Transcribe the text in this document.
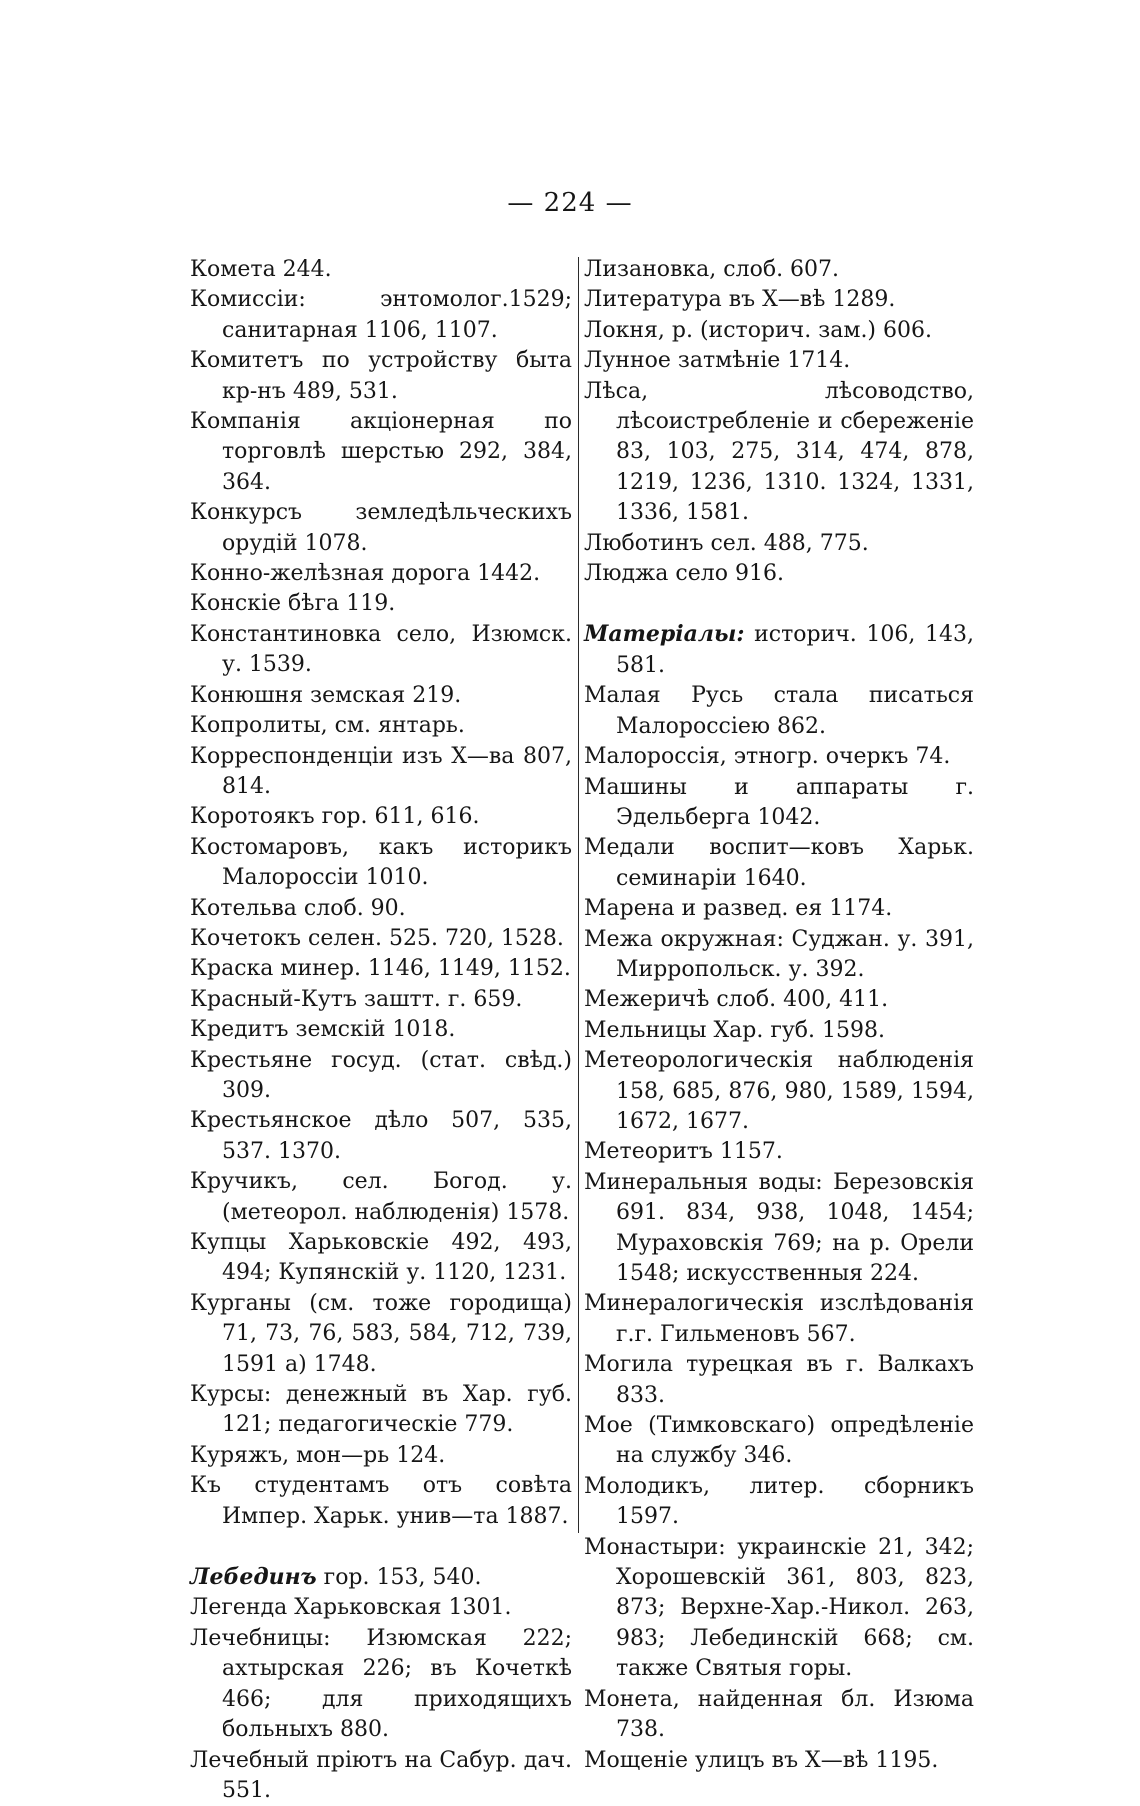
— 224 —
Комета 244.
Комиссіи: энтомолог.1529; санитарная 1106, 1107.
Комитетъ по устройству быта кр-нъ 489, 531.
Компанія акціонерная по торговлѣ шерстью 292, 384, 364.
Конкурсъ земледѣльческихъ орудій 1078.
Конно-желѣзная дорога 1442.
Конскіе бѣга 119.
Константиновка село, Изюмск. у. 1539.
Конюшня земская 219.
Копролиты, см. янтарь.
Корреспонденціи изъ Х—ва 807, 814.
Коротоякъ гор. 611, 616.
Костомаровъ, какъ историкъ Малороссіи 1010.
Котельва слоб. 90.
Кочетокъ селен. 525. 720, 1528.
Краска минер. 1146, 1149, 1152.
Красный-Кутъ заштт. г. 659.
Кредитъ земскій 1018.
Крестьяне госуд. (стат. свѣд.) 309.
Крестьянское дѣло 507, 535, 537. 1370.
Кручикъ, сел. Богод. у. (метеорол. наблюденія) 1578.
Купцы Харьковскіе 492, 493, 494; Купянскій у. 1120, 1231.
Курганы (см. тоже городища) 71, 73, 76, 583, 584, 712, 739, 1591 а) 1748.
Курсы: денежный въ Хар. губ. 121; педагогическіе 779.
Куряжъ, мон—рь 124.
Къ студентамъ отъ совѣта Импер. Харьк. унив—та 1887.
Лебединъ гор. 153, 540.
Легенда Харьковская 1301.
Лечебницы: Изюмская 222; ахтырская 226; въ Кочеткѣ 466; для приходящихъ больныхъ 880.
Лечебный пріютъ на Сабур. дач. 551.
Лизановка, слоб. 607.
Литература въ Х—вѣ 1289.
Локня, р. (историч. зам.) 606.
Лунное затмѣніе 1714.
Лѣса, лѣсоводство, лѣсоистребленіе и сбереженіе 83, 103, 275, 314, 474, 878, 1219, 1236, 1310. 1324, 1331, 1336, 1581.
Люботинъ сел. 488, 775.
Люджа село 916.
Матеріалы: историч. 106, 143, 581.
Малая Русь стала писаться Малороссіею 862.
Малороссія, этногр. очеркъ 74.
Машины и аппараты г. Эдельберга 1042.
Медали воспит—ковъ Харьк. семинаріи 1640.
Марена и развед. ея 1174.
Межа окружная: Суджан. у. 391, Мирропольск. у. 392.
Межеричѣ слоб. 400, 411.
Мельницы Хар. губ. 1598.
Метеорологическія наблюденія 158, 685, 876, 980, 1589, 1594, 1672, 1677.
Метеоритъ 1157.
Минеральныя воды: Березовскія 691. 834, 938, 1048, 1454; Мураховскія 769; на р. Орели 1548; искусственныя 224.
Минералогическія изслѣдованія г.г. Гильменовъ 567.
Могила турецкая въ г. Валкахъ 833.
Мое (Тимковскаго) опредѣленіе на службу 346.
Молодикъ, литер. сборникъ 1597.
Монастыри: украинскіе 21, 342; Хорошевскій 361, 803, 823, 873; Верхне-Хар.-Никол. 263, 983; Лебединскій 668; см. также Святыя горы.
Монета, найденная бл. Изюма 738.
Мощеніе улицъ въ Х—вѣ 1195.
